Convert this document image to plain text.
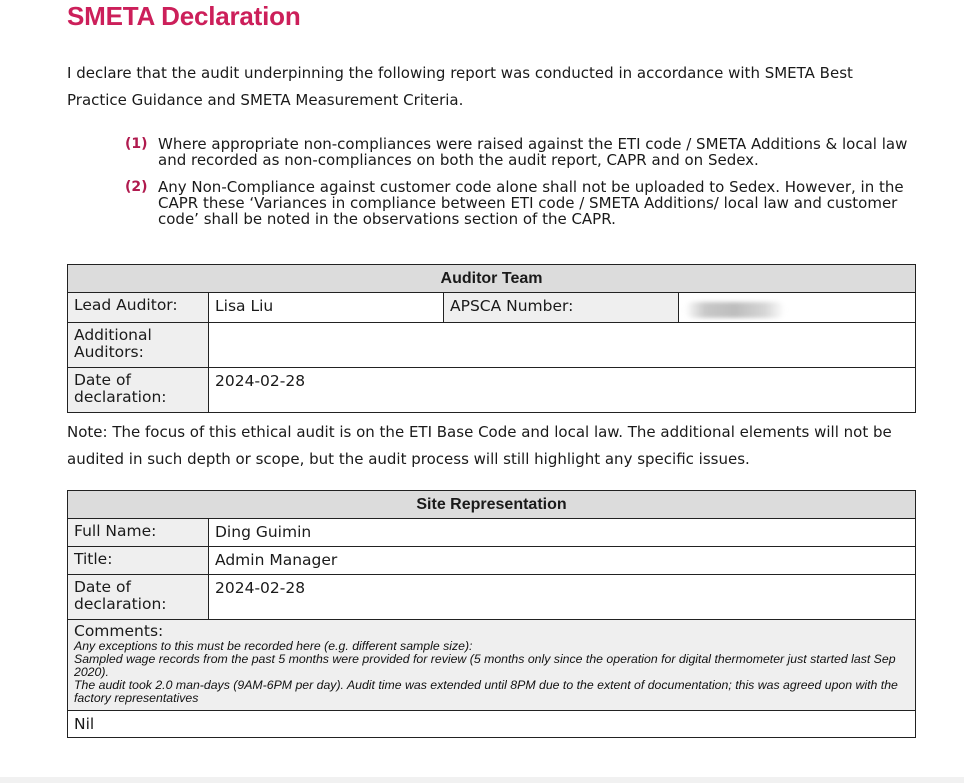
SMETA Declaration

I declare that the audit underpinning the following report was conducted in accordance with SMETA Best Practice Guidance and SMETA Measurement Criteria.

(1) Where appropriate non-compliances were raised against the ETI code / SMETA Additions & local law and recorded as non-compliances on both the audit report, CAPR and on Sedex.
(2) Any Non-Compliance against customer code alone shall not be uploaded to Sedex. However, in the CAPR these ‘Variances in compliance between ETI code / SMETA Additions/ local law and customer code’ shall be noted in the observations section of the CAPR.
Auditor Team			
Lead Auditor:	Lisa Liu	APSCA Number:	
Additional Auditors:			
Date of declaration:	2024-02-28		

Note: The focus of this ethical audit is on the ETI Base Code and local law. The additional elements will not be audited in such depth or scope, but the audit process will still highlight any specific issues.

Site Representation	
Full Name:	Ding Guimin
Title:	Admin Manager
Date of declaration:	2024-02-28

Comments:
Any exceptions to this must be recorded here (e.g. different sample size):
Sampled wage records from the past 5 months were provided for review (5 months only since the operation for digital thermometer just started last Sep 2020).
The audit took 2.0 man-days (9AM-6PM per day). Audit time was extended until 8PM due to the extent of documentation; this was agreed upon with the factory representatives	

Nil	
